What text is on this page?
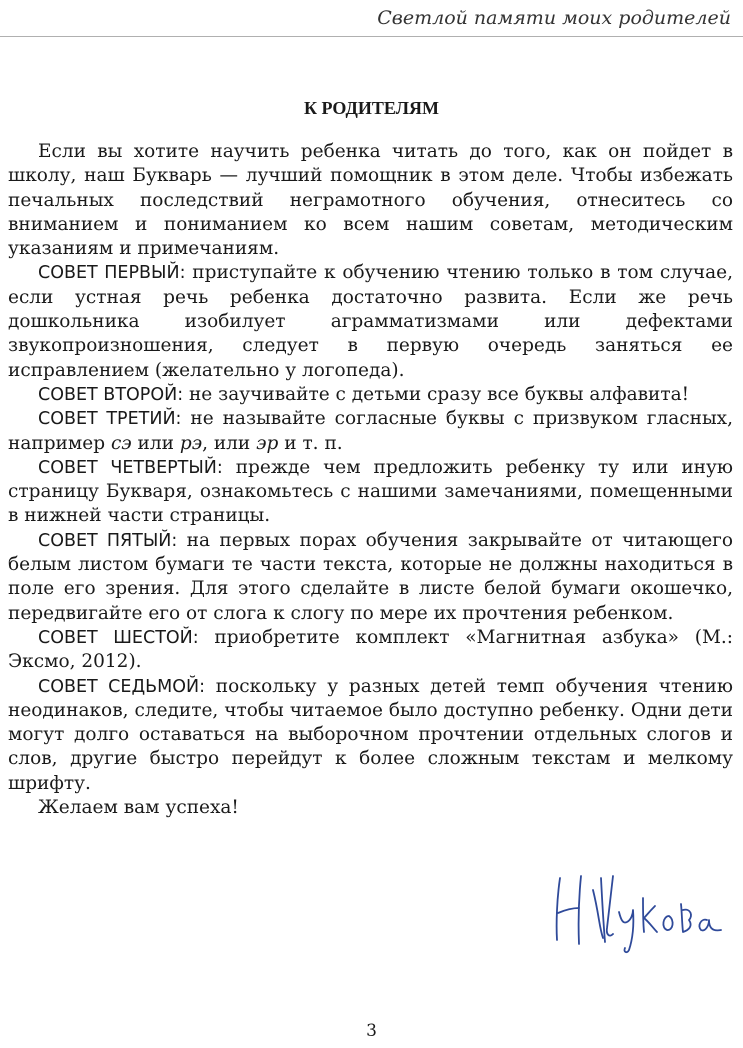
Светлой памяти моих родителей
К РОДИТЕЛЯМ

Если вы хотите научить ребенка читать до того, как он пойдет в школу, наш Букварь — лучший помощник в этом деле. Чтобы избежать печальных последствий неграмотного обучения, отнеситесь со вниманием и пониманием ко всем нашим советам, методическим указаниям и примечаниям.

СОВЕТ ПЕРВЫЙ: приступайте к обучению чтению только в том случае, если устная речь ребенка достаточно развита. Если же речь дошкольника изобилует аграмматизмами или дефектами звукопроизношения, следует в первую очередь заняться ее исправлением (желательно у логопеда).

СОВЕТ ВТОРОЙ: не заучивайте с детьми сразу все буквы алфавита!

СОВЕТ ТРЕТИЙ: не называйте согласные буквы с призвуком гласных, например сэ или рэ, или эр и т. п.

СОВЕТ ЧЕТВЕРТЫЙ: прежде чем предложить ребенку ту или иную страницу Букваря, ознакомьтесь с нашими замечаниями, помещенными в нижней части страницы.

СОВЕТ ПЯТЫЙ: на первых порах обучения закрывайте от читающего белым листом бумаги те части текста, которые не должны находиться в поле его зрения. Для этого сделайте в листе белой бумаги окошечко, передвигайте его от слога к слогу по мере их прочтения ребенком.

СОВЕТ ШЕСТОЙ: приобретите комплект «Магнитная азбука» (М.: Эксмо, 2012).

СОВЕТ СЕДЬМОЙ: поскольку у разных детей темп обучения чтению неодинаков, следите, чтобы читаемое было доступно ребенку. Одни дети могут долго оставаться на выборочном прочтении отдельных слогов и слов, другие быстро перейдут к более сложным текстам и мелкому шрифту.

Желаем вам успеха!

3
